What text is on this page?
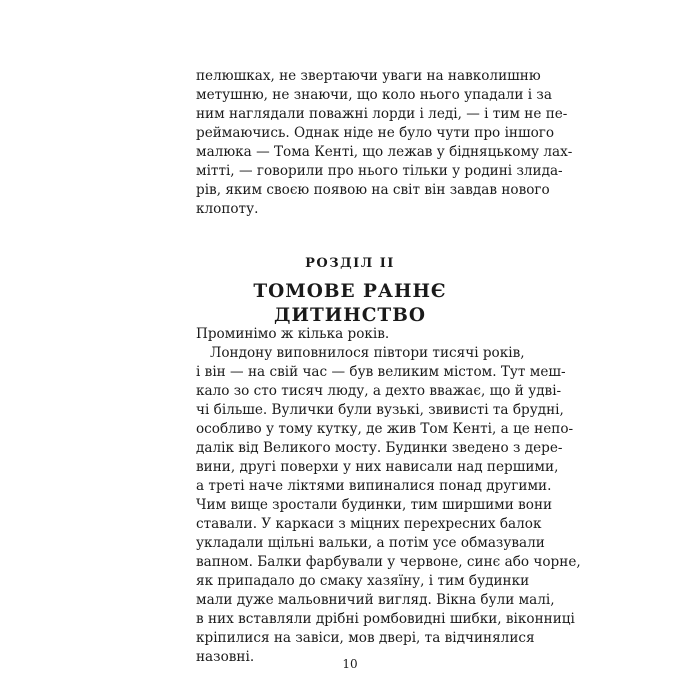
пелюшках, не звертаючи уваги на навколишню
метушню, не знаючи, що коло нього упадали і за
ним наглядали поважні лорди і леді, — і тим не пе-
реймаючись. Однак ніде не було чути про іншого
малюка — Тома Кенті, що лежав у бідняцькому лах-
мітті, — говорили про нього тільки у родині злида-
рів, яким своєю появою на світ він завдав нового
клопоту.
РОЗДІЛ II
ТОМОВЕ РАННЄ ДИТИНСТВО
Проминімо ж кілька років.
Лондону виповнилося півтори тисячі років,
і він — на свій час — був великим містом. Тут меш-
кало зо сто тисяч люду, а дехто вважає, що й удві-
чі більше. Вулички були вузькі, звивисті та брудні,
особливо у тому кутку, де жив Том Кенті, а це непо-
далік від Великого мосту. Будинки зведено з дере-
вини, другі поверхи у них нависали над першими,
а треті наче ліктями випиналися понад другими.
Чим вище зростали будинки, тим ширшими вони
ставали. У каркаси з міцних перехресних балок
укладали щільні вальки, а потім усе обмазували
вапном. Балки фарбували у червоне, синє або чорне,
як припадало до смаку хазяїну, і тим будинки
мали дуже мальовничий вигляд. Вікна були малі,
в них вставляли дрібні ромбовидні шибки, віконниці
кріпилися на завіси, мов двері, та відчинялися
назовні.	10
